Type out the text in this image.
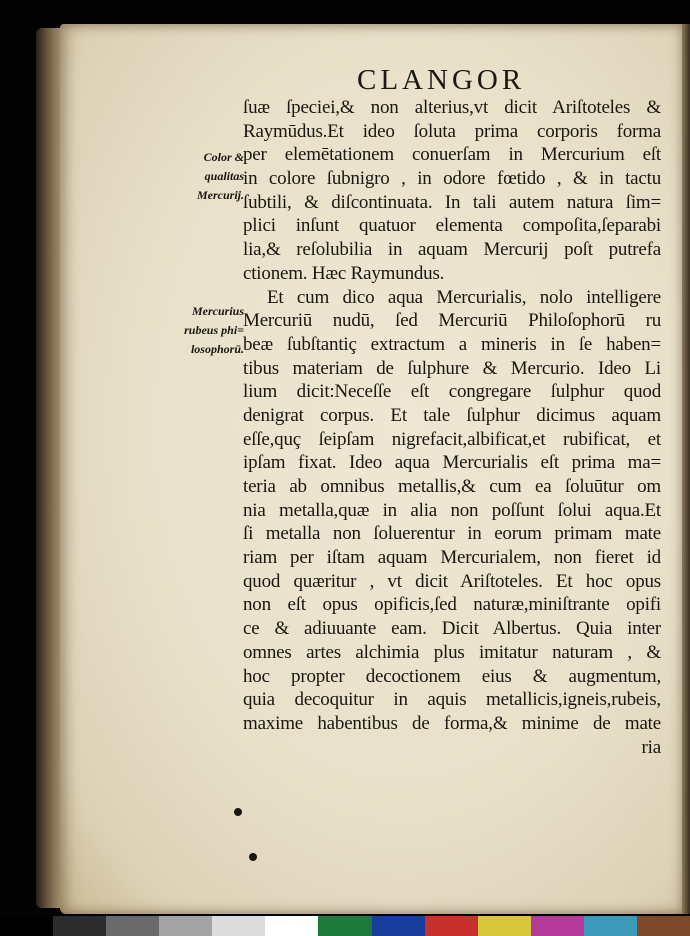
CLANGOR
Color &
qualitas
Mercurij.
Mercurius
rubeus phi=
losophorū.
ſuæ ſpeciei,& non alterius,vt dicit Ariſtoteles &
Raymūdus.Et ideo ſoluta prima corporis forma
per elemētationem conuerſam in Mercurium eſt
in colore ſubnigro , in odore fœtido , & in tactu
ſubtili, & diſcontinuata. In tali autem natura ſim=
plici inſunt quatuor elementa compoſita,ſeparabi
lia,& reſolubilia in aquam Mercurij poſt putrefa
ctionem. Hæc Raymundus.
Et cum dico aqua Mercurialis, nolo intelligere
Mercuriū nudū, ſed Mercuriū Philoſophorū ru
beæ ſubſtantiç extractum a mineris in ſe haben=
tibus materiam de ſulphure & Mercurio. Ideo Li
lium dicit:Neceſſe eſt congregare ſulphur quod
denigrat corpus. Et tale ſulphur dicimus aquam
eſſe,quç ſeipſam nigrefacit,albificat,et rubificat, et
ipſam fixat. Ideo aqua Mercurialis eſt prima ma=
teria ab omnibus metallis,& cum ea ſoluūtur om
nia metalla,quæ in alia non poſſunt ſolui aqua.Et
ſi metalla non ſoluerentur in eorum primam mate
riam per iſtam aquam Mercurialem, non fieret id
quod quæritur , vt dicit Ariſtoteles. Et hoc opus
non eſt opus opificis,ſed naturæ,miniſtrante opifi
ce & adiuuante eam. Dicit Albertus. Quia inter
omnes artes alchimia plus imitatur naturam , &
hoc propter decoctionem eius & augmentum,
quia decoquitur in aquis metallicis,igneis,rubeis,
maxime habentibus de forma,& minime de mate
ria
